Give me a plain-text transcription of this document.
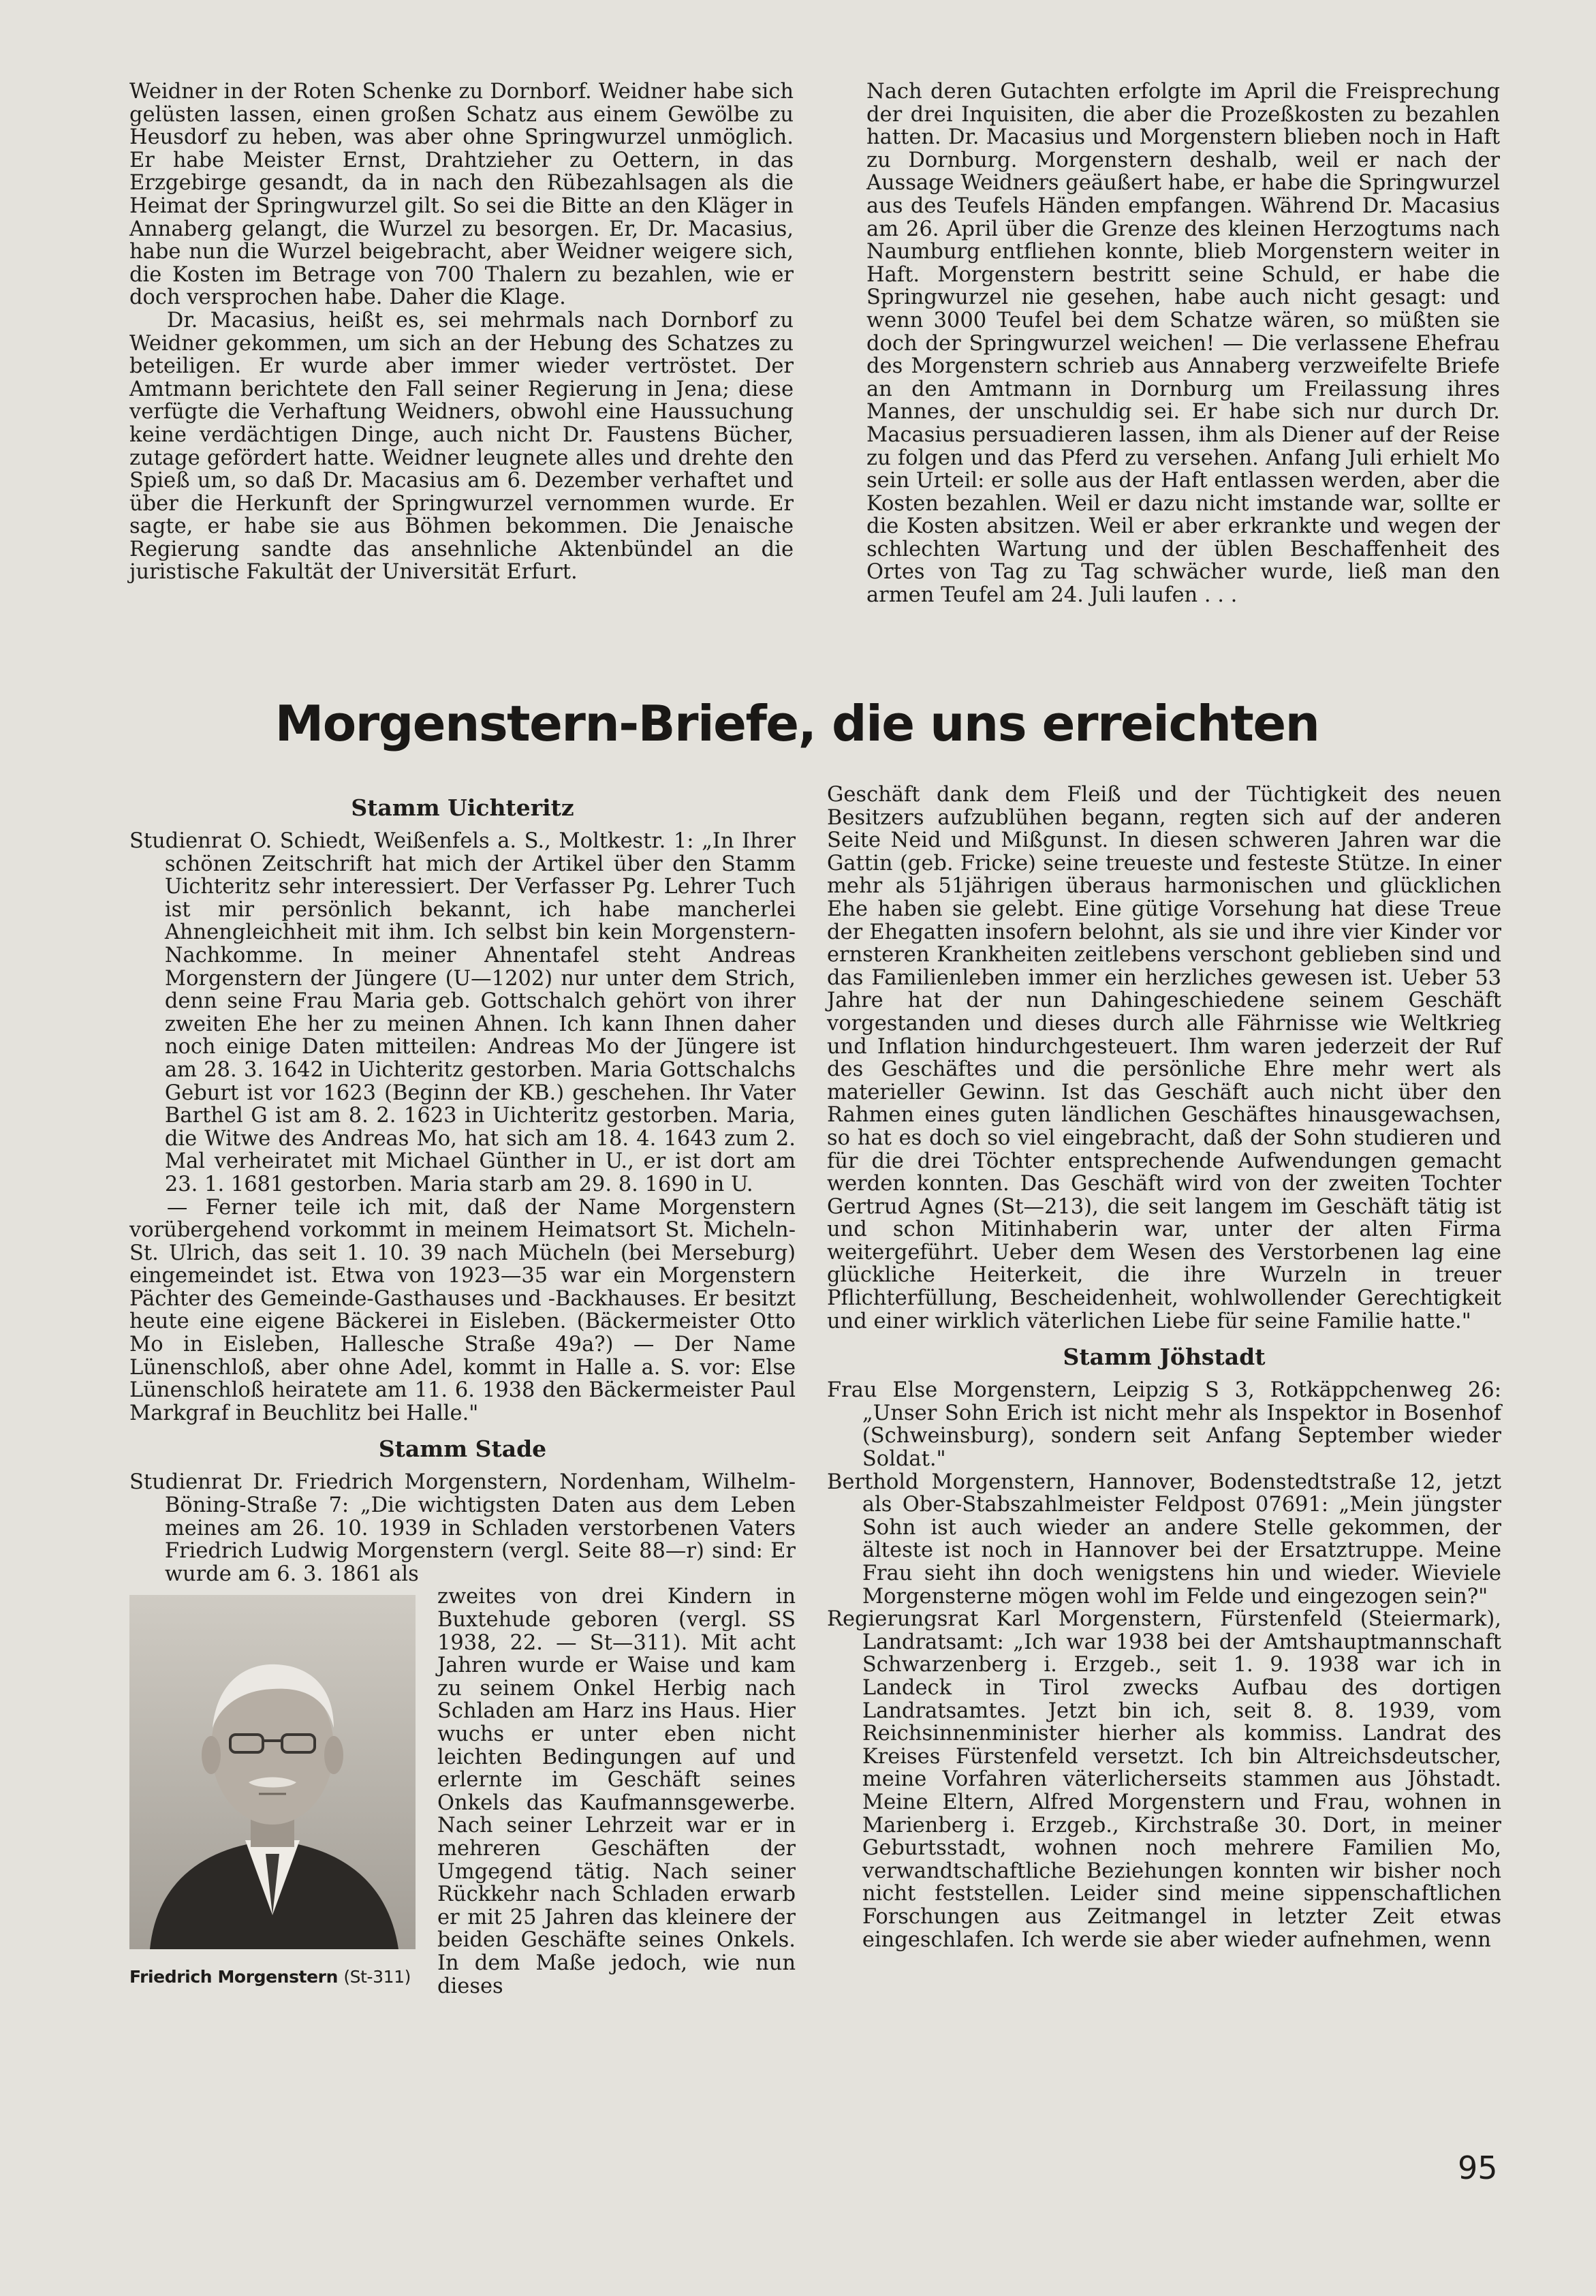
Weidner in der Roten Schenke zu Dornborf. Weidner habe sich gelüsten lassen, einen großen Schatz aus einem Gewölbe zu Heusdorf zu heben, was aber ohne Springwurzel unmöglich. Er habe Meister Ernst, Drahtzieher zu Oettern, in das Erzgebirge gesandt, da in nach den Rübezahlsagen als die Heimat der Springwurzel gilt. So sei die Bitte an den Kläger in Annaberg gelangt, die Wurzel zu besorgen. Er, Dr. Macasius, habe nun die Wurzel beigebracht, aber Weidner weigere sich, die Kosten im Betrage von 700 Thalern zu bezahlen, wie er doch versprochen habe. Daher die Klage.

Dr. Macasius, heißt es, sei mehrmals nach Dornborf zu Weidner gekommen, um sich an der Hebung des Schatzes zu beteiligen. Er wurde aber immer wieder vertröstet. Der Amtmann berichtete den Fall seiner Regierung in Jena; diese verfügte die Verhaftung Weidners, obwohl eine Haussuchung keine verdächtigen Dinge, auch nicht Dr. Faustens Bücher, zutage gefördert hatte. Weidner leugnete alles und drehte den Spieß um, so daß Dr. Macasius am 6. Dezember verhaftet und über die Herkunft der Springwurzel vernommen wurde. Er sagte, er habe sie aus Böhmen bekommen. Die Jenaische Regierung sandte das ansehnliche Aktenbündel an die juristische Fakultät der Universität Erfurt.

Nach deren Gutachten erfolgte im April die Freisprechung der drei Inquisiten, die aber die Prozeßkosten zu bezahlen hatten. Dr. Macasius und Morgenstern blieben noch in Haft zu Dornburg. Morgenstern deshalb, weil er nach der Aussage Weidners geäußert habe, er habe die Springwurzel aus des Teufels Händen empfangen. Während Dr. Macasius am 26. April über die Grenze des kleinen Herzogtums nach Naumburg entfliehen konnte, blieb Morgenstern weiter in Haft. Morgenstern bestritt seine Schuld, er habe die Springwurzel nie gesehen, habe auch nicht gesagt: und wenn 3000 Teufel bei dem Schatze wären, so müßten sie doch der Springwurzel weichen! — Die verlassene Ehefrau des Morgenstern schrieb aus Annaberg verzweifelte Briefe an den Amtmann in Dornburg um Freilassung ihres Mannes, der unschuldig sei. Er habe sich nur durch Dr. Macasius persuadieren lassen, ihm als Diener auf der Reise zu folgen und das Pferd zu versehen. Anfang Juli erhielt Mo sein Urteil: er solle aus der Haft entlassen werden, aber die Kosten bezahlen. Weil er dazu nicht imstande war, sollte er die Kosten absitzen. Weil er aber erkrankte und wegen der schlechten Wartung und der üblen Beschaffenheit des Ortes von Tag zu Tag schwächer wurde, ließ man den armen Teufel am 24. Juli laufen . . .

Morgenstern-Briefe, die uns erreichten
Stamm Uichteritz

Studienrat O. Schiedt, Weißenfels a. S., Moltkestr. 1: „In Ihrer schönen Zeitschrift hat mich der Artikel über den Stamm Uichteritz sehr interessiert. Der Verfasser Pg. Lehrer Tuch ist mir persönlich bekannt, ich habe mancherlei Ahnengleichheit mit ihm. Ich selbst bin kein Morgenstern-Nachkomme. In meiner Ahnentafel steht Andreas Morgenstern der Jüngere (U—1202) nur unter dem Strich, denn seine Frau Maria geb. Gottschalch gehört von ihrer zweiten Ehe her zu meinen Ahnen. Ich kann Ihnen daher noch einige Daten mitteilen: Andreas Mo der Jüngere ist am 28. 3. 1642 in Uichteritz gestorben. Maria Gottschalchs Geburt ist vor 1623 (Beginn der KB.) geschehen. Ihr Vater Barthel G ist am 8. 2. 1623 in Uichteritz gestorben. Maria, die Witwe des Andreas Mo, hat sich am 18. 4. 1643 zum 2. Mal verheiratet mit Michael Günther in U., er ist dort am 23. 1. 1681 gestorben. Maria starb am 29. 8. 1690 in U.

— Ferner teile ich mit, daß der Name Morgenstern vorübergehend vorkommt in meinem Heimatsort St. Micheln-St. Ulrich, das seit 1. 10. 39 nach Mücheln (bei Merseburg) eingemeindet ist. Etwa von 1923—35 war ein Morgenstern Pächter des Gemeinde-Gasthauses und -Backhauses. Er besitzt heute eine eigene Bäckerei in Eisleben. (Bäckermeister Otto Mo in Eisleben, Hallesche Straße 49a?) — Der Name Lünenschloß, aber ohne Adel, kommt in Halle a. S. vor: Else Lünenschloß heiratete am 11. 6. 1938 den Bäckermeister Paul Markgraf in Beuchlitz bei Halle."

Stamm Stade

Studienrat Dr. Friedrich Morgenstern, Nordenham, Wilhelm-Böning-Straße 7: „Die wichtigsten Daten aus dem Leben meines am 26. 10. 1939 in Schladen verstorbenen Vaters Friedrich Ludwig Morgenstern (vergl. Seite 88—r) sind: Er wurde am 6. 3. 1861 als

Friedrich Morgenstern (St-311)

zweites von drei Kindern in Buxtehude geboren (vergl. SS 1938, 22. — St—311). Mit acht Jahren wurde er Waise und kam zu seinem Onkel Herbig nach Schladen am Harz ins Haus. Hier wuchs er unter eben nicht leichten Bedingungen auf und erlernte im Geschäft seines Onkels das Kaufmannsgewerbe. Nach seiner Lehrzeit war er in mehreren Geschäften der Umgegend tätig. Nach seiner Rückkehr nach Schladen erwarb er mit 25 Jahren das kleinere der beiden Geschäfte seines Onkels. In dem Maße jedoch, wie nun dieses

Geschäft dank dem Fleiß und der Tüchtigkeit des neuen Besitzers aufzublühen begann, regten sich auf der anderen Seite Neid und Mißgunst. In diesen schweren Jahren war die Gattin (geb. Fricke) seine treueste und festeste Stütze. In einer mehr als 51jährigen überaus harmonischen und glücklichen Ehe haben sie gelebt. Eine gütige Vorsehung hat diese Treue der Ehegatten insofern belohnt, als sie und ihre vier Kinder vor ernsteren Krankheiten zeitlebens verschont geblieben sind und das Familienleben immer ein herzliches gewesen ist. Ueber 53 Jahre hat der nun Dahingeschiedene seinem Geschäft vorgestanden und dieses durch alle Fährnisse wie Weltkrieg und Inflation hindurchgesteuert. Ihm waren jederzeit der Ruf des Geschäftes und die persönliche Ehre mehr wert als materieller Gewinn. Ist das Geschäft auch nicht über den Rahmen eines guten ländlichen Geschäftes hinausgewachsen, so hat es doch so viel eingebracht, daß der Sohn studieren und für die drei Töchter entsprechende Aufwendungen gemacht werden konnten. Das Geschäft wird von der zweiten Tochter Gertrud Agnes (St—213), die seit langem im Geschäft tätig ist und schon Mitinhaberin war, unter der alten Firma weitergeführt. Ueber dem Wesen des Verstorbenen lag eine glückliche Heiterkeit, die ihre Wurzeln in treuer Pflichterfüllung, Bescheidenheit, wohlwollender Gerechtigkeit und einer wirklich väterlichen Liebe für seine Familie hatte."

Stamm Jöhstadt

Frau Else Morgenstern, Leipzig S 3, Rotkäppchenweg 26: „Unser Sohn Erich ist nicht mehr als Inspektor in Bosenhof (Schweinsburg), sondern seit Anfang September wieder Soldat."

Berthold Morgenstern, Hannover, Bodenstedtstraße 12, jetzt als Ober-Stabszahlmeister Feldpost 07691: „Mein jüngster Sohn ist auch wieder an andere Stelle gekommen, der älteste ist noch in Hannover bei der Ersatztruppe. Meine Frau sieht ihn doch wenigstens hin und wieder. Wieviele Morgensterne mögen wohl im Felde und eingezogen sein?"

Regierungsrat Karl Morgenstern, Fürstenfeld (Steiermark), Landratsamt: „Ich war 1938 bei der Amtshauptmannschaft Schwarzenberg i. Erzgeb., seit 1. 9. 1938 war ich in Landeck in Tirol zwecks Aufbau des dortigen Landratsamtes. Jetzt bin ich, seit 8. 8. 1939, vom Reichsinnenminister hierher als kommiss. Landrat des Kreises Fürstenfeld versetzt. Ich bin Altreichsdeutscher, meine Vorfahren väterlicherseits stammen aus Jöhstadt. Meine Eltern, Alfred Morgenstern und Frau, wohnen in Marienberg i. Erzgeb., Kirchstraße 30. Dort, in meiner Geburtsstadt, wohnen noch mehrere Familien Mo, verwandtschaftliche Beziehungen konnten wir bisher noch nicht feststellen. Leider sind meine sippenschaftlichen Forschungen aus Zeitmangel in letzter Zeit etwas eingeschlafen. Ich werde sie aber wieder aufnehmen, wenn

95
